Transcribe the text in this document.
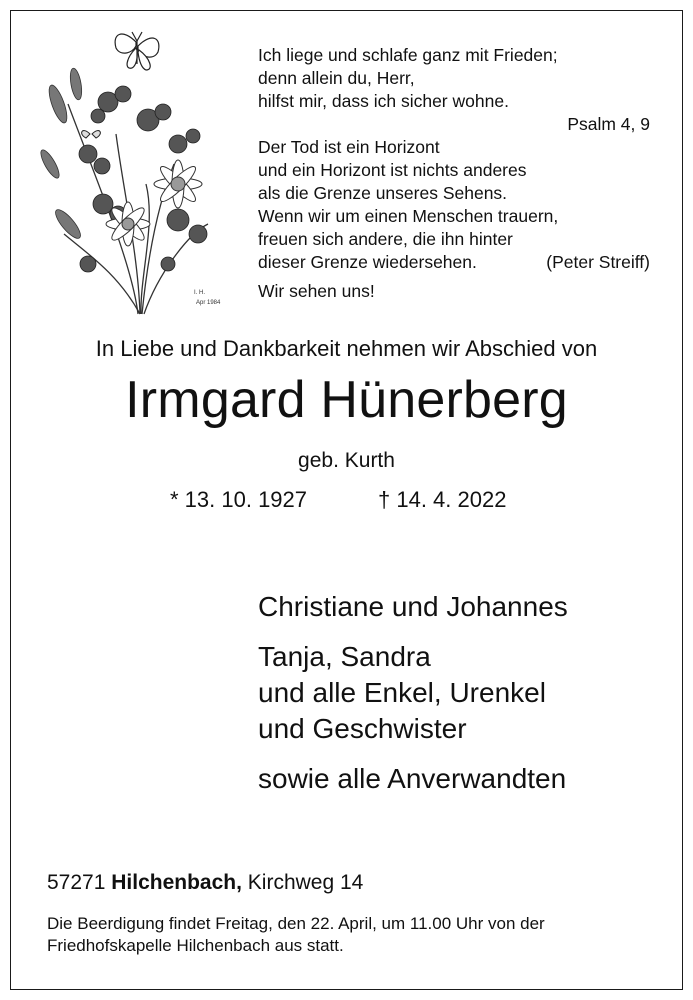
I. H.
Apr 1984
Ich liege und schlafe ganz mit Frieden;
denn allein du, Herr,
hilfst mir, dass ich sicher wohne.
Psalm 4, 9
Der Tod ist ein Horizont
und ein Horizont ist nichts anderes
als die Grenze unseres Sehens.
Wenn wir um einen Menschen trauern,
freuen sich andere, die ihn hinter
dieser Grenze wiedersehen.	(Peter Streiff)
Wir sehen uns!
In Liebe und Dankbarkeit nehmen wir Abschied von
Irmgard Hünerberg
geb. Kurth
* 13. 10. 1927	† 14. 4. 2022
Christiane und Johannes
Tanja, Sandra
und alle Enkel, Urenkel
und Geschwister
sowie alle Anverwandten
57271 Hilchenbach, Kirchweg 14
Die Beerdigung findet Freitag, den 22. April, um 11.00 Uhr von der Friedhofskapelle Hilchenbach aus statt.
